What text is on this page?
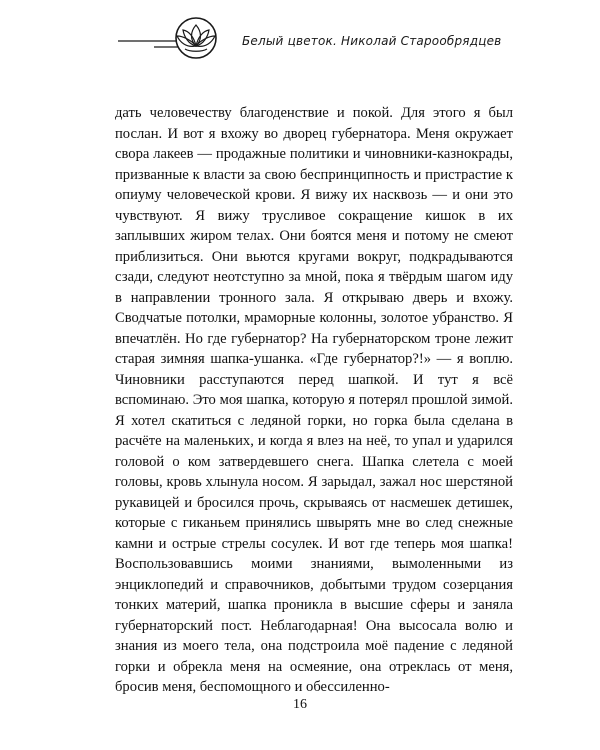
Белый цветок. Николай Старообрядцев

дать человечеству благоденствие и покой. Для этого я был послан. И вот я вхожу во дворец губернатора. Меня окружает свора лакеев — продажные политики и чиновники-казнокрады, призванные к власти за свою беспринципность и пристрастие к опиуму человеческой крови. Я вижу их насквозь — и они это чувствуют. Я вижу трусливое сокращение кишок в их заплывших жиром телах. Они боятся меня и потому не смеют приблизиться. Они вьются кругами вокруг, подкрадываются сзади, следуют неотступно за мной, пока я твёрдым шагом иду в направлении тронного зала. Я открываю дверь и вхожу. Сводчатые потолки, мраморные колонны, золотое убранство. Я впечатлён. Но где губернатор? На губернаторском троне лежит старая зимняя шапка-ушанка. «Где губернатор?!» — я воплю. Чиновники расступаются перед шапкой. И тут я всё вспоминаю. Это моя шапка, которую я потерял прошлой зимой. Я хотел скатиться с ледяной горки, но горка была сделана в расчёте на маленьких, и когда я влез на неё, то упал и ударился головой о ком затвердевшего снега. Шапка слетела с моей головы, кровь хлынула носом. Я зарыдал, зажал нос шерстяной рукавицей и бросился прочь, скрываясь от насмешек детишек, которые с гиканьем принялись швырять мне во след снежные камни и острые стрелы сосулек. И вот где теперь моя шапка! Воспользовавшись моими знаниями, вымоленными из энциклопедий и справочников, добытыми трудом созерцания тонких материй, шапка проникла в высшие сферы и заняла губернаторский пост. Неблагодарная! Она высосала волю и знания из моего тела, она подстроила моё падение с ледяной горки и обрекла меня на осмеяние, она отреклась от меня, бросив меня, беспомощного и обессиленно-

16
